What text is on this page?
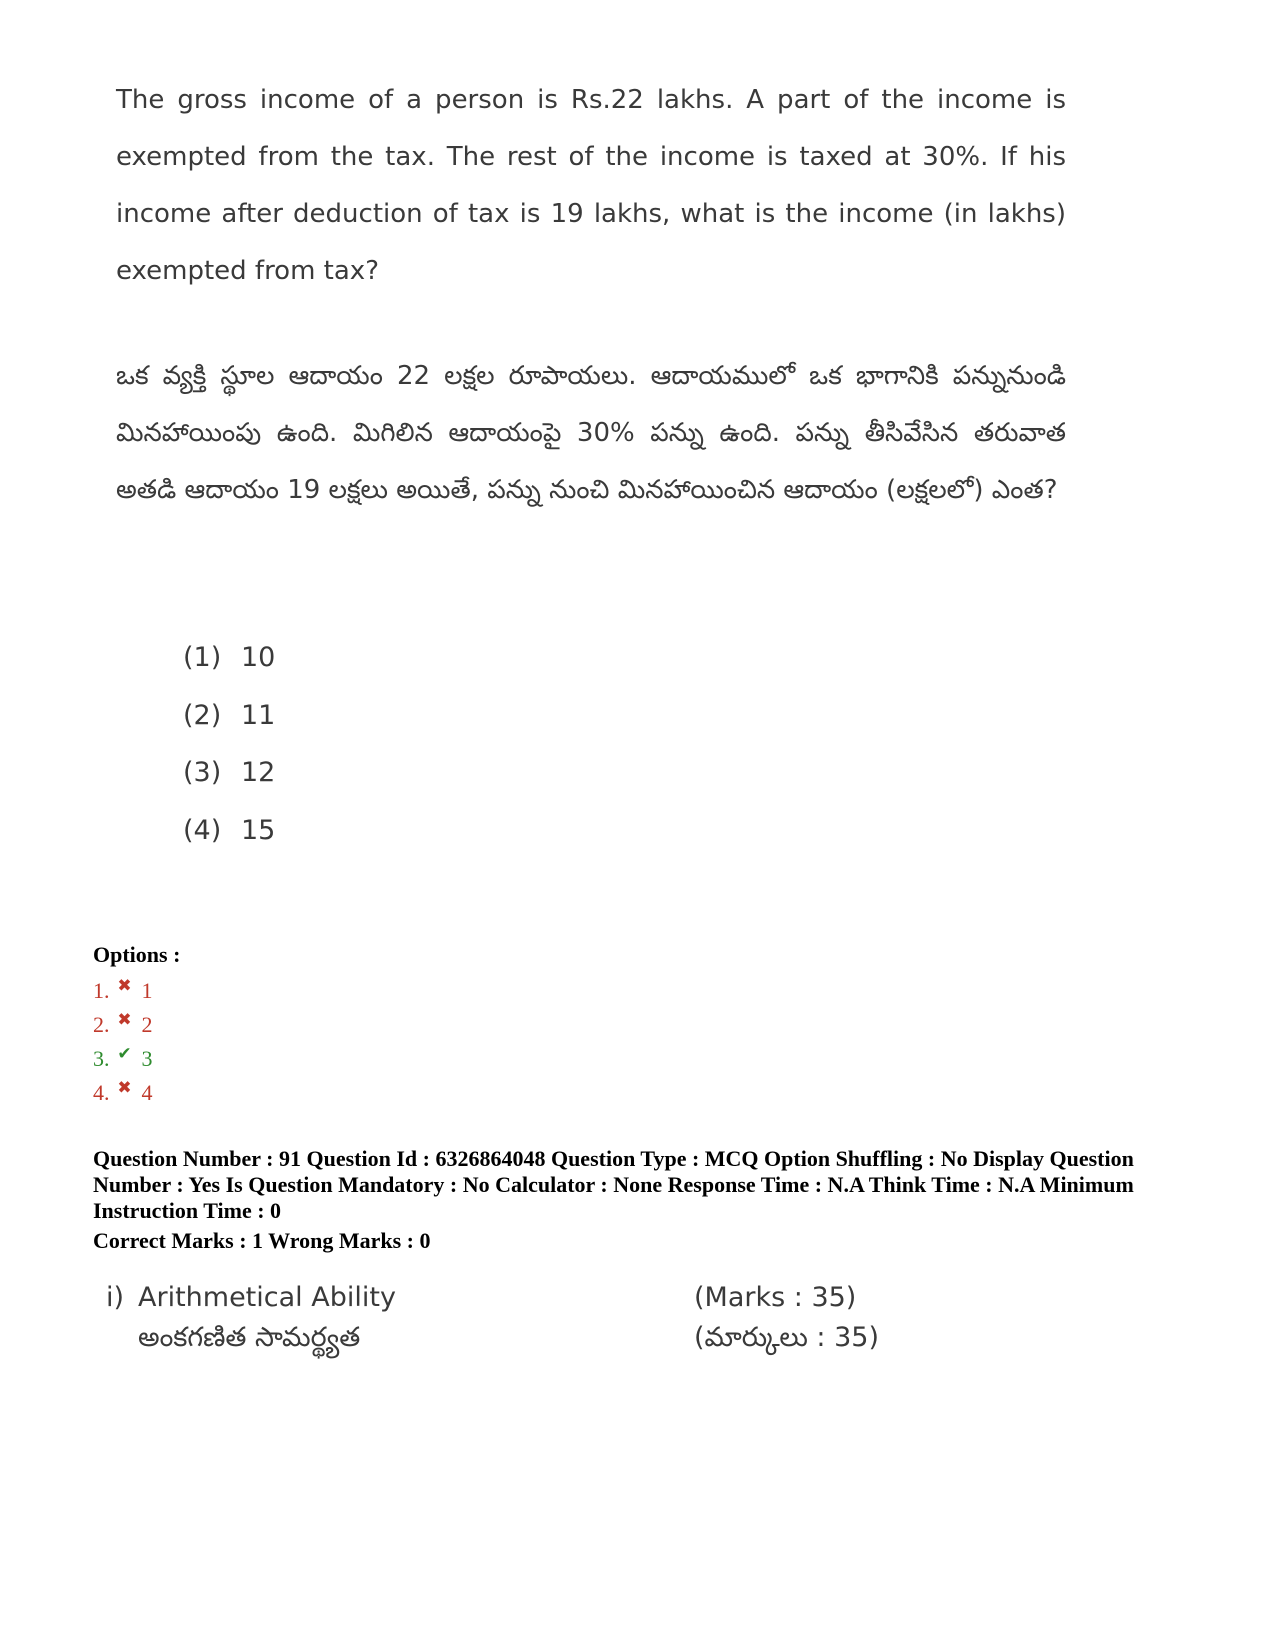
The gross income of a person is Rs.22 lakhs. A part of the income is exempted from the tax. The rest of the income is taxed at 30%. If his income after deduction of tax is 19 lakhs, what is the income (in lakhs) exempted from tax?

ఒక వ్యక్తి స్థూల ఆదాయం 22 లక్షల రూపాయలు. ఆదాయములో ఒక భాగానికి పన్నునుండి మినహాయింపు ఉంది. మిగిలిన ఆదాయంపై 30% పన్ను ఉంది. పన్ను తీసివేసిన తరువాత అతడి ఆదాయం 19 లక్షలు అయితే, పన్ను నుంచి మినహాయించిన ఆదాయం (లక్షలలో) ఎంత?

(1) 10
(2) 11
(3) 12
(4) 15
Options :
1. ✖ 1
2. ✖ 2
3. ✔ 3
4. ✖ 4
Question Number : 91 Question Id : 6326864048 Question Type : MCQ Option Shuffling : No Display Question Number : Yes Is Question Mandatory : No Calculator : None Response Time : N.A Think Time : N.A Minimum Instruction Time : 0
Correct Marks : 1 Wrong Marks : 0
i) Arithmetical Ability	(Marks : 35)
అంకగణిత సామర్థ్యత	(మార్కులు : 35)
